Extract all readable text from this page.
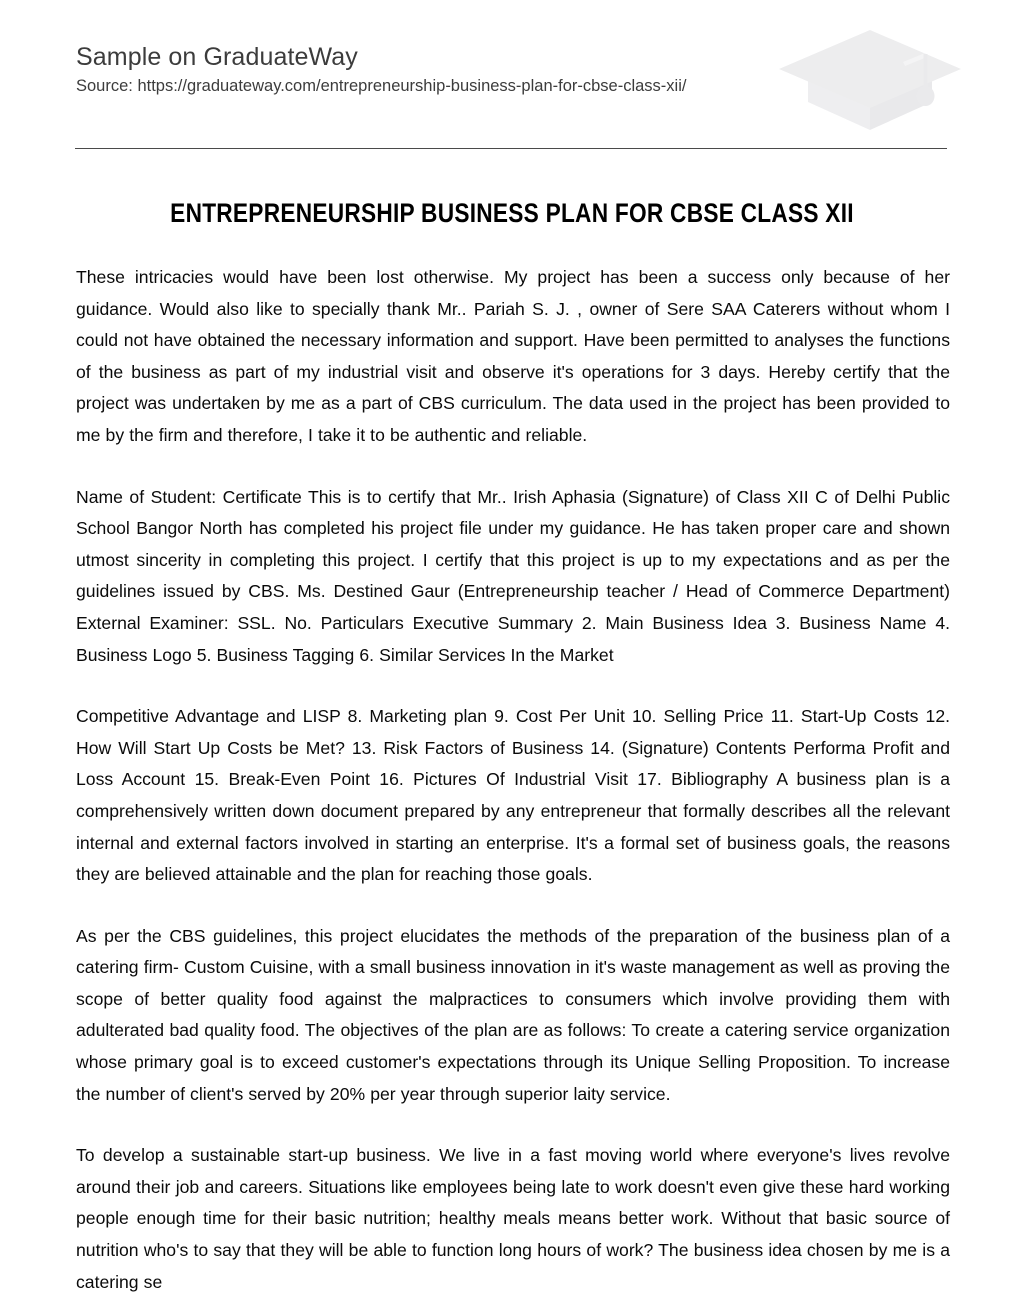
Sample on GraduateWay
Source: https://graduateway.com/entrepreneurship-business-plan-for-cbse-class-xii/
ENTREPRENEURSHIP BUSINESS PLAN FOR CBSE CLASS XII

These intricacies would have been lost otherwise. My project has been a success only because of her guidance. Would also like to specially thank Mr.. Pariah S. J. , owner of Sere SAA Caterers without whom I could not have obtained the necessary information and support. Have been permitted to analyses the functions of the business as part of my industrial visit and observe it's operations for 3 days. Hereby certify that the project was undertaken by me as a part of CBS curriculum. The data used in the project has been provided to me by the firm and therefore, I take it to be authentic and reliable.

Name of Student: Certificate This is to certify that Mr.. Irish Aphasia (Signature) of Class XII C of Delhi Public School Bangor North has completed his project file under my guidance. He has taken proper care and shown utmost sincerity in completing this project. I certify that this project is up to my expectations and as per the guidelines issued by CBS. Ms. Destined Gaur (Entrepreneurship teacher / Head of Commerce Department) External Examiner: SSL. No. Particulars Executive Summary 2. Main Business Idea 3. Business Name 4. Business Logo 5. Business Tagging 6. Similar Services In the Market

Competitive Advantage and LISP 8. Marketing plan 9. Cost Per Unit 10. Selling Price 11. Start-Up Costs 12. How Will Start Up Costs be Met? 13. Risk Factors of Business 14. (Signature) Contents Performa Profit and Loss Account 15. Break-Even Point 16. Pictures Of Industrial Visit 17. Bibliography A business plan is a comprehensively written down document prepared by any entrepreneur that formally describes all the relevant internal and external factors involved in starting an enterprise. It's a formal set of business goals, the reasons they are believed attainable and the plan for reaching those goals.

As per the CBS guidelines, this project elucidates the methods of the preparation of the business plan of a catering firm- Custom Cuisine, with a small business innovation in it's waste management as well as proving the scope of better quality food against the malpractices to consumers which involve providing them with adulterated bad quality food. The objectives of the plan are as follows: To create a catering service organization whose primary goal is to exceed customer's expectations through its Unique Selling Proposition. To increase the number of client's served by 20% per year through superior laity service.

To develop a sustainable start-up business. We live in a fast moving world where everyone's lives revolve around their job and careers. Situations like employees being late to work doesn't even give these hard working people enough time for their basic nutrition; healthy meals means better work. Without that basic source of nutrition who's to say that they will be able to function long hours of work? The business idea chosen by me is a catering se
